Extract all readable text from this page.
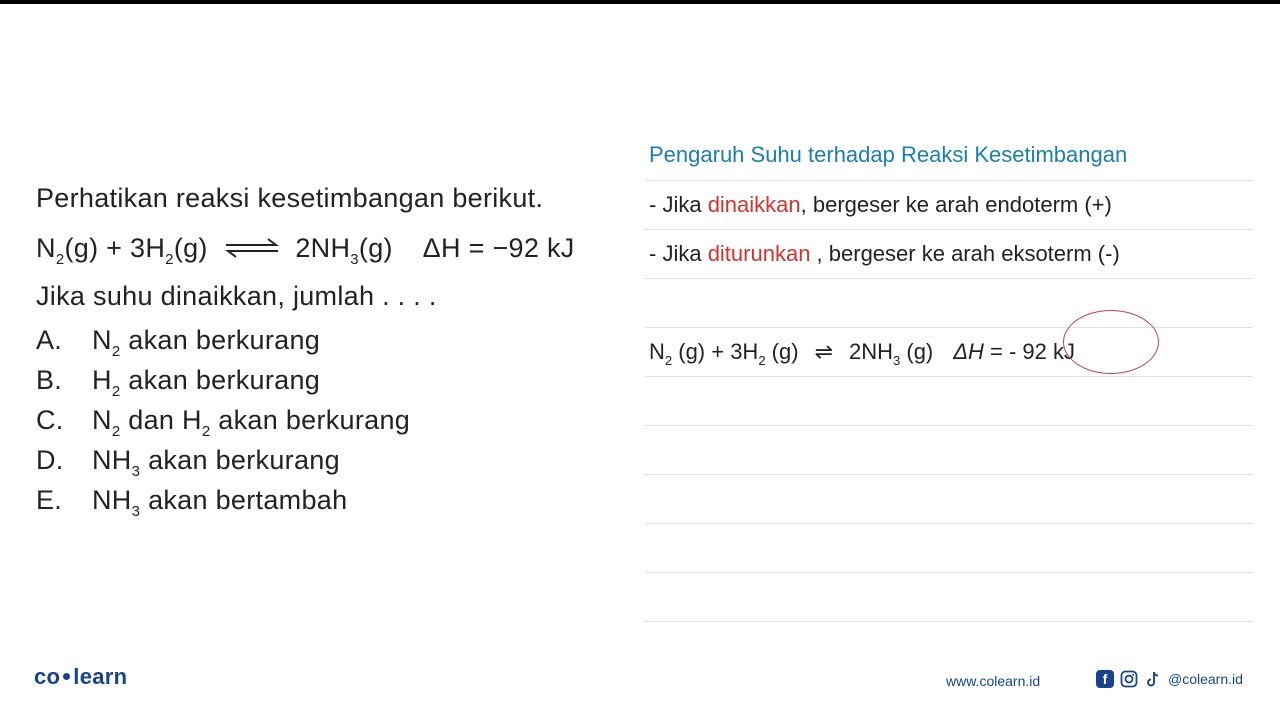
Perhatikan reaksi kesetimbangan berikut.
$N_2(g) + 3H_2(g)$ ⇌ $2NH_3(g) \Delta H = -92$ kJ
Jika suhu dinaikkan, jumlah . . . .
A. $N_2$ akan berkurang
B. $H_2$ akan berkurang
C. $N_2$ dan $H_2$ akan berkurang
D. $NH_3$ akan berkurang
E. $NH_3$ akan bertambah
Pengaruh Suhu terhadap Reaksi Kesetimbangan
- Jika dinaikkan, bergeser ke arah endoterm (+)
- Jika diturunkan , bergeser ke arah eksoterm (-)
$N_2$ $(g) + 3H_2$ (g) ⇌ $2NH_3$ (g) ΔH = - 92 kJ
co learn	www.colearn.id	f	@colearn.id
